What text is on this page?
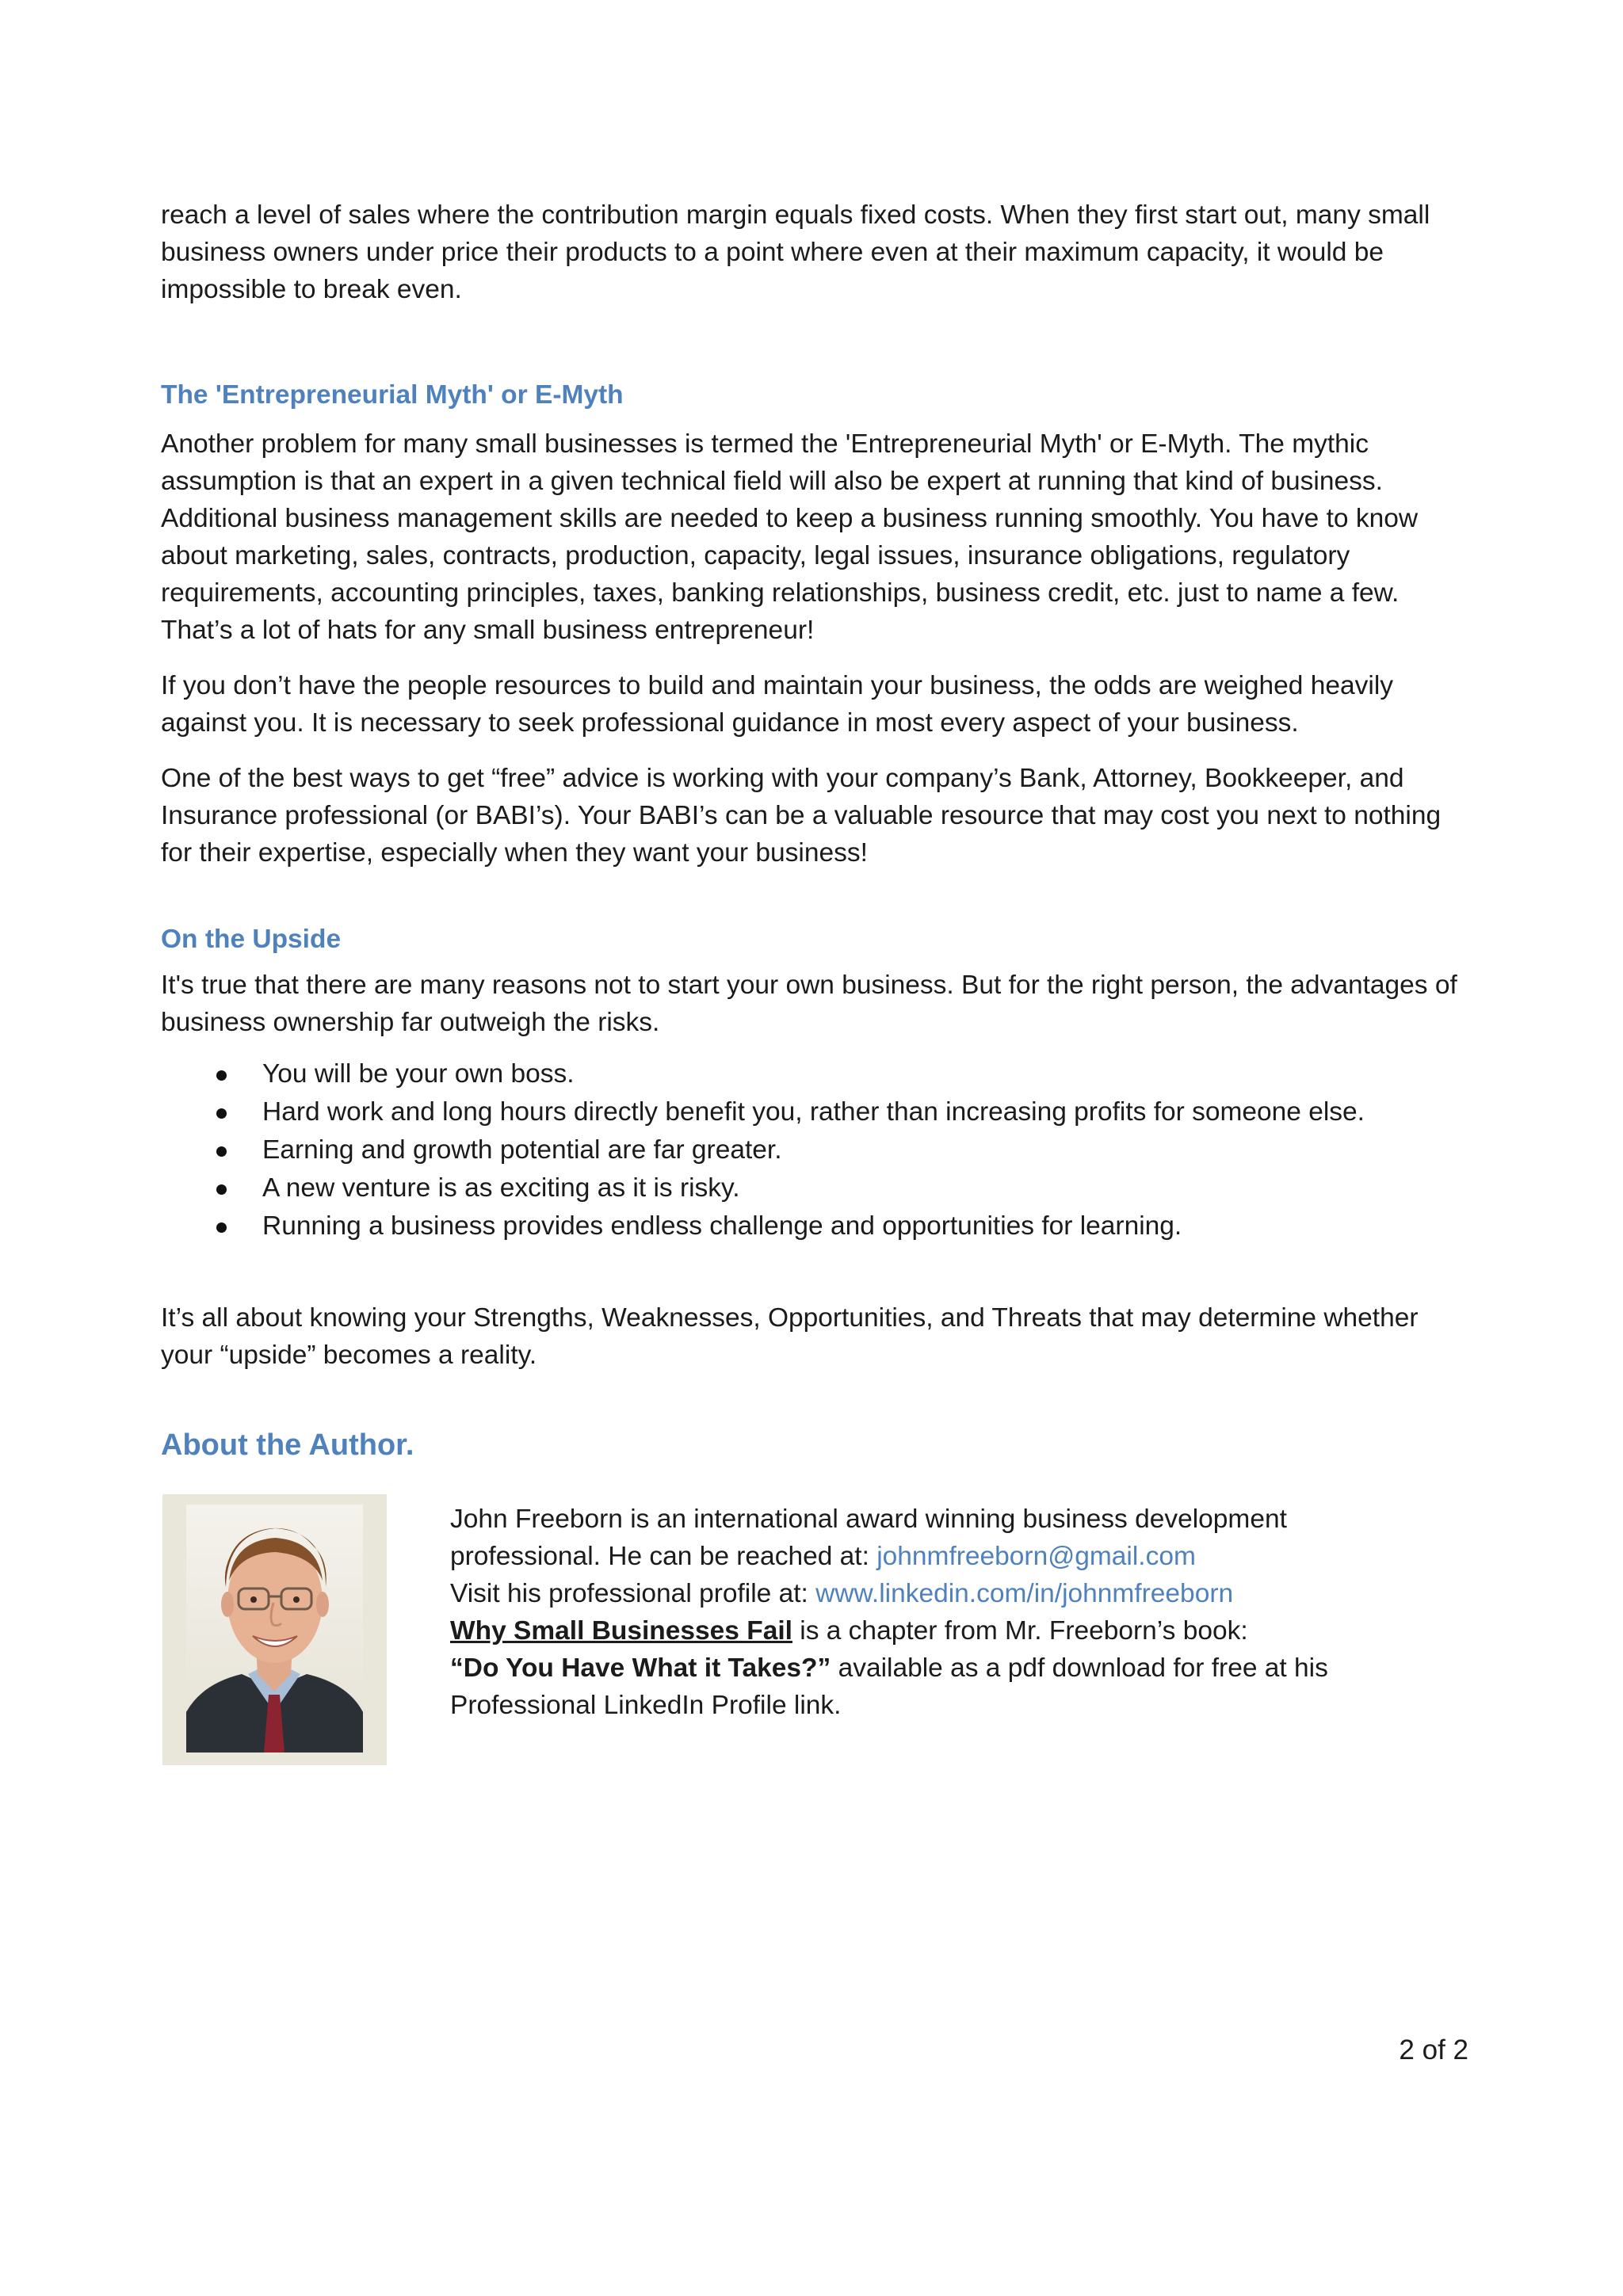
reach a level of sales where the contribution margin equals fixed costs. When they first start out, many small business owners under price their products to a point where even at their maximum capacity, it would be impossible to break even.

The 'Entrepreneurial Myth' or E-Myth

Another problem for many small businesses is termed the 'Entrepreneurial Myth' or E-Myth. The mythic assumption is that an expert in a given technical field will also be expert at running that kind of business. Additional business management skills are needed to keep a business running smoothly. You have to know about marketing, sales, contracts, production, capacity, legal issues, insurance obligations, regulatory requirements, accounting principles, taxes, banking relationships, business credit, etc. just to name a few. That’s a lot of hats for any small business entrepreneur!

If you don’t have the people resources to build and maintain your business, the odds are weighed heavily against you. It is necessary to seek professional guidance in most every aspect of your business.

One of the best ways to get “free” advice is working with your company’s Bank, Attorney, Bookkeeper, and Insurance professional (or BABI’s). Your BABI’s can be a valuable resource that may cost you next to nothing for their expertise, especially when they want your business!

On the Upside

It's true that there are many reasons not to start your own business. But for the right person, the advantages of business ownership far outweigh the risks.

You will be your own boss.
Hard work and long hours directly benefit you, rather than increasing profits for someone else.
Earning and growth potential are far greater.
A new venture is as exciting as it is risky.
Running a business provides endless challenge and opportunities for learning.

It’s all about knowing your Strengths, Weaknesses, Opportunities, and Threats that may determine whether your “upside” becomes a reality.

About the Author.

John Freeborn is an international award winning business development

professional. He can be reached at: johnmfreeborn@gmail.com

Visit his professional profile at: www.linkedin.com/in/johnmfreeborn

Why Small Businesses Fail is a chapter from Mr. Freeborn’s book:

“Do You Have What it Takes?” available as a pdf download for free at his

Professional LinkedIn Profile link.

2 of 2
